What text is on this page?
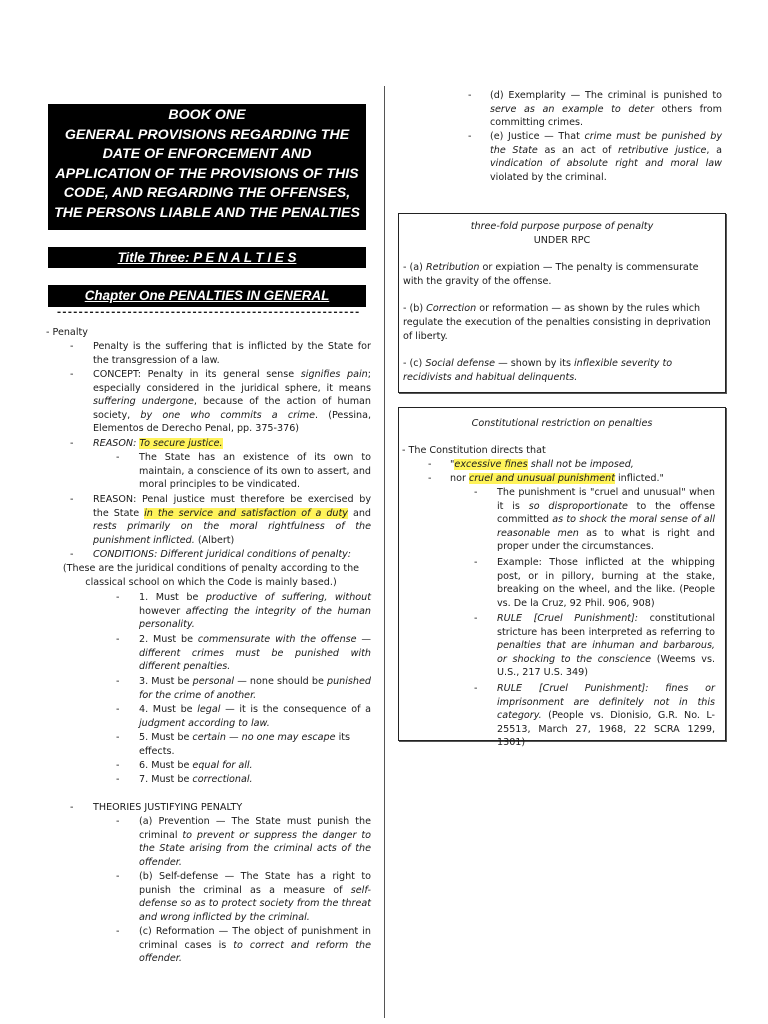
BOOK ONE
GENERAL PROVISIONS REGARDING THE
DATE OF ENFORCEMENT AND
APPLICATION OF THE PROVISIONS OF THIS
CODE, AND REGARDING THE OFFENSES,
THE PERSONS LIABLE AND THE PENALTIES
Title Three: P E N A L T I E S
Chapter One PENALTIES IN GENERAL
--------------------------------------------------------
- Penalty
- Penalty is the suffering that is inflicted by the State for the transgression of a law.

- CONCEPT: Penalty in its general sense signifies pain; especially considered in the juridical sphere, it means suffering undergone, because of the action of human society, by one who commits a crime. (Pessina, Elementos de Derecho Penal, pp. 375-376)

- REASON: To secure justice.

- The State has an existence of its own to maintain, a conscience of its own to assert, and moral principles to be vindicated.

- REASON: Penal justice must therefore be exercised by the State in the service and satisfaction of a duty and rests primarily on the moral rightfulness of the punishment inflicted. (Albert)

- CONDITIONS: Different juridical conditions of penalty:

(These are the juridical conditions of penalty according to the classical school on which the Code is mainly based.)

- 1. Must be productive of suffering, without however affecting the integrity of the human personality.

- 2. Must be commensurate with the offense — different crimes must be punished with different penalties.

- 3. Must be personal — none should be punished for the crime of another.

- 4. Must be legal — it is the consequence of a judgment according to law.

- 5. Must be certain — no one may escape its effects.

- 6. Must be equal for all.

- 7. Must be correctional.

- THEORIES JUSTIFYING PENALTY

- (a) Prevention — The State must punish the criminal to prevent or suppress the danger to the State arising from the criminal acts of the offender.

- (b) Self-defense — The State has a right to punish the criminal as a measure of self-defense so as to protect society from the threat and wrong inflicted by the criminal.

- (c) Reformation — The object of punishment in criminal cases is to correct and reform the offender.

- (d) Exemplarity — The criminal is punished to serve as an example to deter others from committing crimes.

- (e) Justice — That crime must be punished by the State as an act of retributive justice, a vindication of absolute right and moral law violated by the criminal.

three-fold purpose purpose of penalty

UNDER RPC

- (a) Retribution or expiation — The penalty is commensurate with the gravity of the offense.

- (b) Correction or reformation — as shown by the rules which regulate the execution of the penalties consisting in deprivation of liberty.

- (c) Social defense — shown by its inflexible severity to recidivists and habitual delinquents.

Constitutional restriction on penalties

- The Constitution directs that

- "excessive fines shall not be imposed,

- nor cruel and unusual punishment inflicted."

- The punishment is "cruel and unusual" when it is so disproportionate to the offense committed as to shock the moral sense of all reasonable men as to what is right and proper under the circumstances.

- Example: Those inflicted at the whipping post, or in pillory, burning at the stake, breaking on the wheel, and the like. (People vs. De la Cruz, 92 Phil. 906, 908)

- RULE [Cruel Punishment]: constitutional stricture has been interpreted as referring to penalties that are inhuman and barbarous, or shocking to the conscience (Weems vs. U.S., 217 U.S. 349)

- RULE [Cruel Punishment]: fines or imprisonment are definitely not in this category. (People vs. Dionisio, G.R. No. L-25513, March 27, 1968, 22 SCRA 1299, 1301)
